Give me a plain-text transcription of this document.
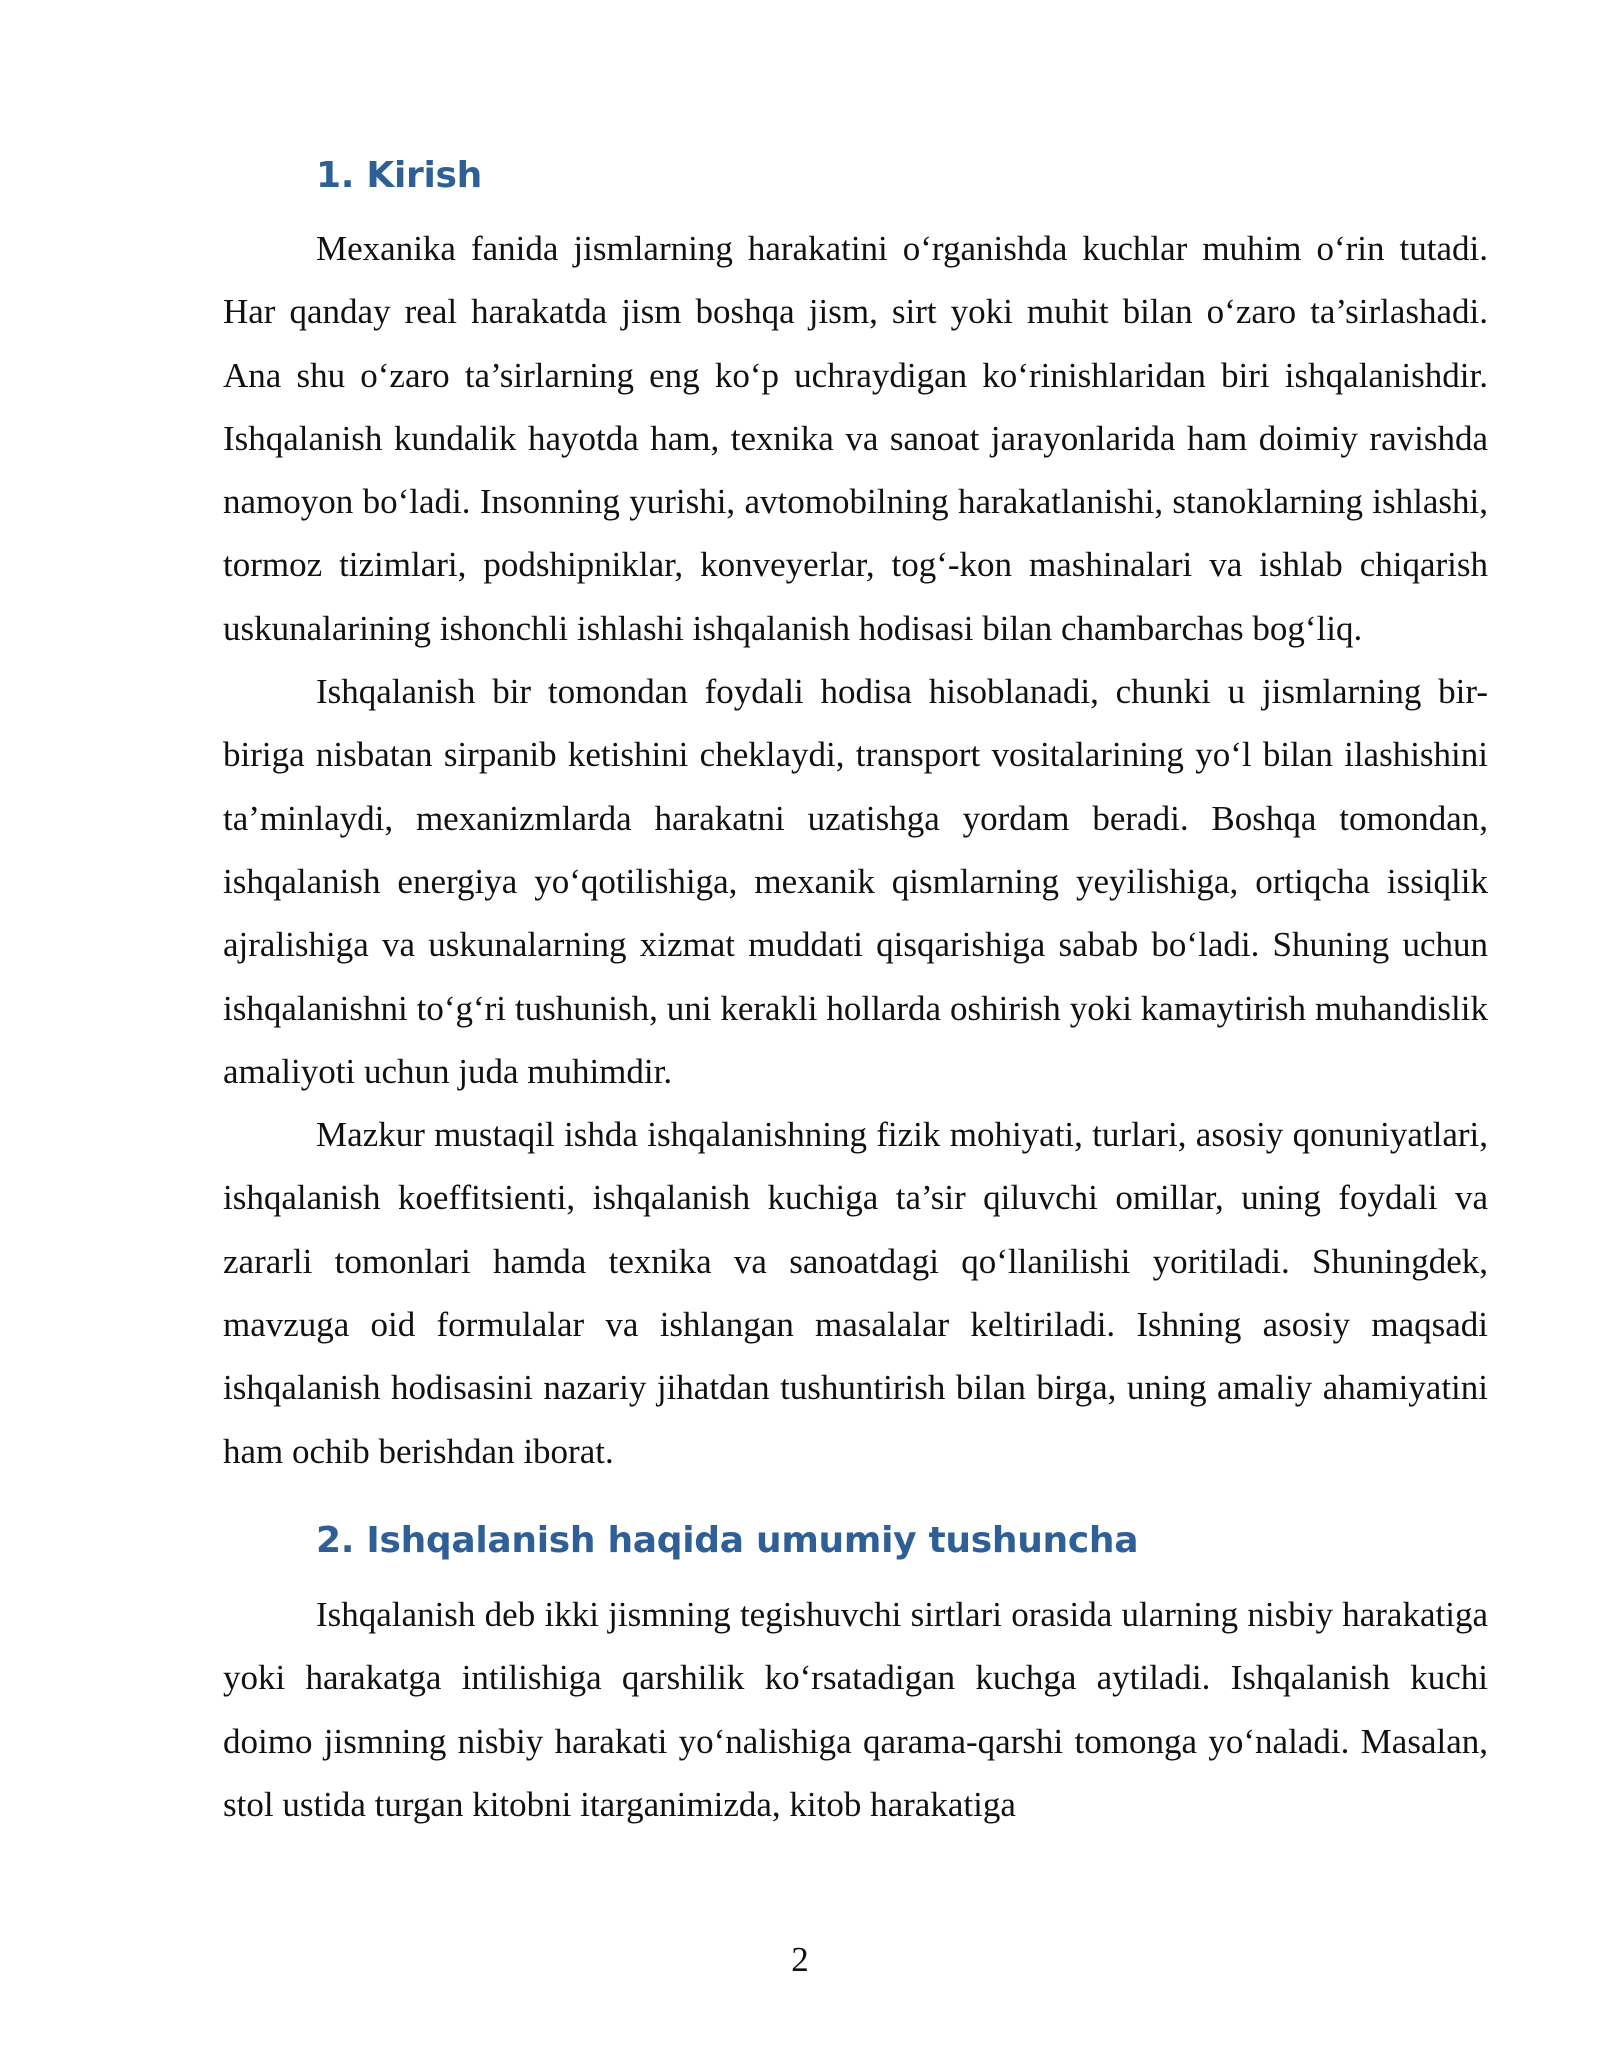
1. Kirish

Mexanika fanida jismlarning harakatini o‘rganishda kuchlar muhim o‘rin tutadi. Har qanday real harakatda jism boshqa jism, sirt yoki muhit bilan o‘zaro ta’sirlashadi. Ana shu o‘zaro ta’sirlarning eng ko‘p uchraydigan ko‘rinishlaridan biri ishqalanishdir. Ishqalanish kundalik hayotda ham, texnika va sanoat jarayonlarida ham doimiy ravishda namoyon bo‘ladi. Insonning yurishi, avtomobilning harakatlanishi, stanoklarning ishlashi, tormoz tizimlari, podshipniklar, konveyerlar, tog‘-kon mashinalari va ishlab chiqarish uskunalarining ishonchli ishlashi ishqalanish hodisasi bilan chambarchas bog‘liq.

Ishqalanish bir tomondan foydali hodisa hisoblanadi, chunki u jismlarning bir-biriga nisbatan sirpanib ketishini cheklaydi, transport vositalarining yo‘l bilan ilashishini ta’minlaydi, mexanizmlarda harakatni uzatishga yordam beradi. Boshqa tomondan, ishqalanish energiya yo‘qotilishiga, mexanik qismlarning yeyilishiga, ortiqcha issiqlik ajralishiga va uskunalarning xizmat muddati qisqarishiga sabab bo‘ladi. Shuning uchun ishqalanishni to‘g‘ri tushunish, uni kerakli hollarda oshirish yoki kamaytirish muhandislik amaliyoti uchun juda muhimdir.

Mazkur mustaqil ishda ishqalanishning fizik mohiyati, turlari, asosiy qonuniyatlari, ishqalanish koeffitsienti, ishqalanish kuchiga ta’sir qiluvchi omillar, uning foydali va zararli tomonlari hamda texnika va sanoatdagi qo‘llanilishi yoritiladi. Shuningdek, mavzuga oid formulalar va ishlangan masalalar keltiriladi. Ishning asosiy maqsadi ishqalanish hodisasini nazariy jihatdan tushuntirish bilan birga, uning amaliy ahamiyatini ham ochib berishdan iborat.

2. Ishqalanish haqida umumiy tushuncha

Ishqalanish deb ikki jismning tegishuvchi sirtlari orasida ularning nisbiy harakatiga yoki harakatga intilishiga qarshilik ko‘rsatadigan kuchga aytiladi. Ishqalanish kuchi doimo jismning nisbiy harakati yo‘nalishiga qarama-qarshi tomonga yo‘naladi. Masalan, stol ustida turgan kitobni itarganimizda, kitob harakatiga

2
